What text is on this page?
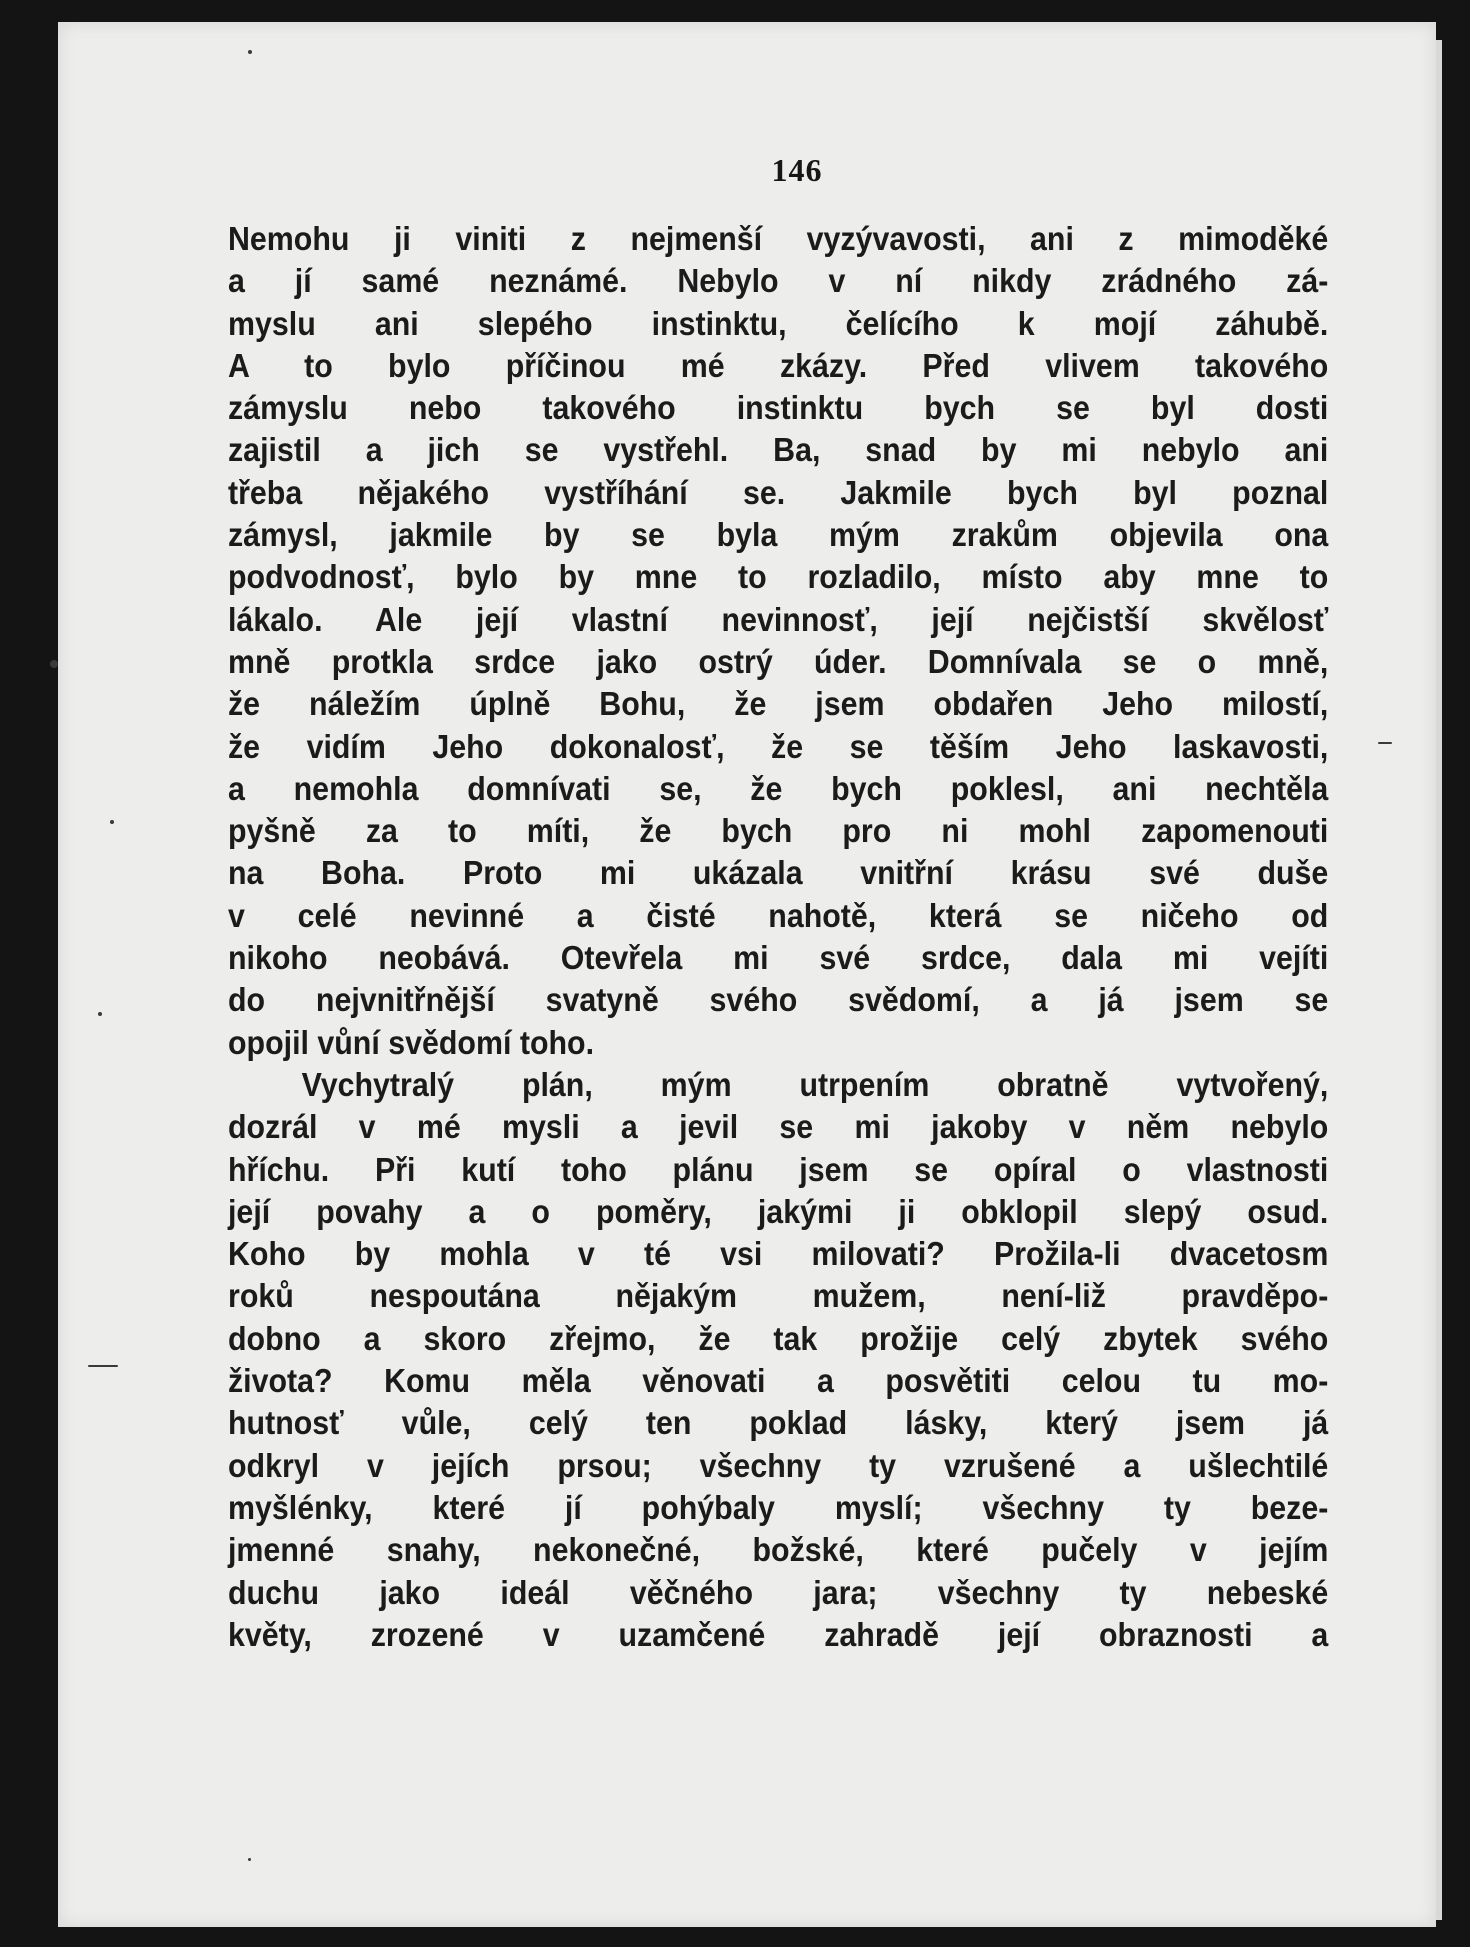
146
Nemohu ji viniti z nejmenší vyzývavosti, ani z mimoděké
a jí samé neznámé. Nebylo v ní nikdy zrádného zá-
myslu ani slepého instinktu, čelícího k mojí záhubě.
A to bylo příčinou mé zkázy. Před vlivem takového
zámyslu nebo takového instinktu bych se byl dosti
zajistil a jich se vystřehl. Ba, snad by mi nebylo ani
třeba nějakého vystříhání se. Jakmile bych byl poznal
zámysl, jakmile by se byla mým zrakům objevila ona
podvodnosť, bylo by mne to rozladilo, místo aby mne to
lákalo. Ale její vlastní nevinnosť, její nejčistší skvělosť
mně protkla srdce jako ostrý úder. Domnívala se o mně,
že náležím úplně Bohu, že jsem obdařen Jeho milostí,
že vidím Jeho dokonalosť, že se těším Jeho laskavosti,
a nemohla domnívati se, že bych poklesl, ani nechtěla
pyšně za to míti, že bych pro ni mohl zapomenouti
na Boha. Proto mi ukázala vnitřní krásu své duše
v celé nevinné a čisté nahotě, která se ničeho od
nikoho neobává. Otevřela mi své srdce, dala mi vejíti
do nejvnitřnější svatyně svého svědomí, a já jsem se
opojil vůní svědomí toho.
Vychytralý plán, mým utrpením obratně vytvořený,
dozrál v mé mysli a jevil se mi jakoby v něm nebylo
hříchu. Při kutí toho plánu jsem se opíral o vlastnosti
její povahy a o poměry, jakými ji obklopil slepý osud.
Koho by mohla v té vsi milovati? Prožila-li dvacetosm
roků nespoutána nějakým mužem, není-liž pravděpo-
dobno a skoro zřejmo, že tak prožije celý zbytek svého
života? Komu měla věnovati a posvětiti celou tu mo-
hutnosť vůle, celý ten poklad lásky, který jsem já
odkryl v jejích prsou; všechny ty vzrušené a ušlechtilé
myšlénky, které jí pohýbaly myslí; všechny ty beze-
jmenné snahy, nekonečné, božské, které pučely v jejím
duchu jako ideál věčného jara; všechny ty nebeské
květy, zrozené v uzamčené zahradě její obraznosti a
